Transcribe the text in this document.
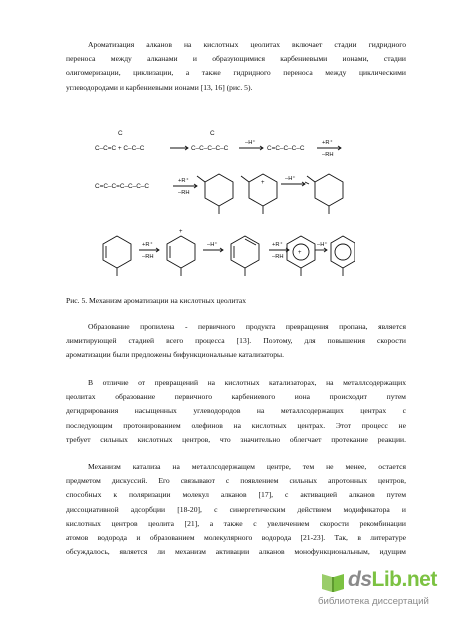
Ароматизация алканов на кислотных цеолитах включает стадии гидридного
переноса между алканами и образующимися карбениевыми ионами, стадии
олигомеризации, циклизации, а также гидридного переноса между циклическими
углеводородами и карбениевыми ионами [13, 16] (рис. 5).

C–C=C + C–C–C
C	C
C–C–C–C–C
–H⁺
C=C–C–C–C
+R⁺
–RH
C=C–C=C–C–C–C
+R⁺
–RH
–H⁺
+
+R⁺
–RH
+
–H⁺	+R⁺
–RH
+
–H⁺

Рис. 5. Механизм ароматизации на кислотных цеолитах

Образование пропилена - первичного продукта превращения пропана, является
лимитирующей стадией всего процесса [13]. Поэтому, для повышения скорости
ароматизации были предложены бифункциональные катализаторы.

В отличие от превращений на кислотных катализаторах, на металлсодержащих
цеолитах образование первичного карбениевого иона происходит путем
дегидрирования насыщенных углеводородов на металлсодержащих центрах с
последующим протонированием олефинов на кислотных центрах. Этот процесс не
требует сильных кислотных центров, что значительно облегчает протекание реакции.

Механизм катализа на металлсодержащем центре, тем не менее, остается
предметом дискуссий. Его связывают с появлением сильных апротонных центров,
способных к поляризации молекул алканов [17], с активацией алканов путем
диссоциативной адсорбции [18-20], с синергетическим действием модификатора и
кислотных центров цеолита [21], а также с увеличением скорости рекомбинации
атомов водорода и образованием молекулярного водорода [21-23]. Так, в литературе
обсуждалось, является ли механизм активации алканов монофункциональным, идущим

dsLib.net
библиотека диссертаций
